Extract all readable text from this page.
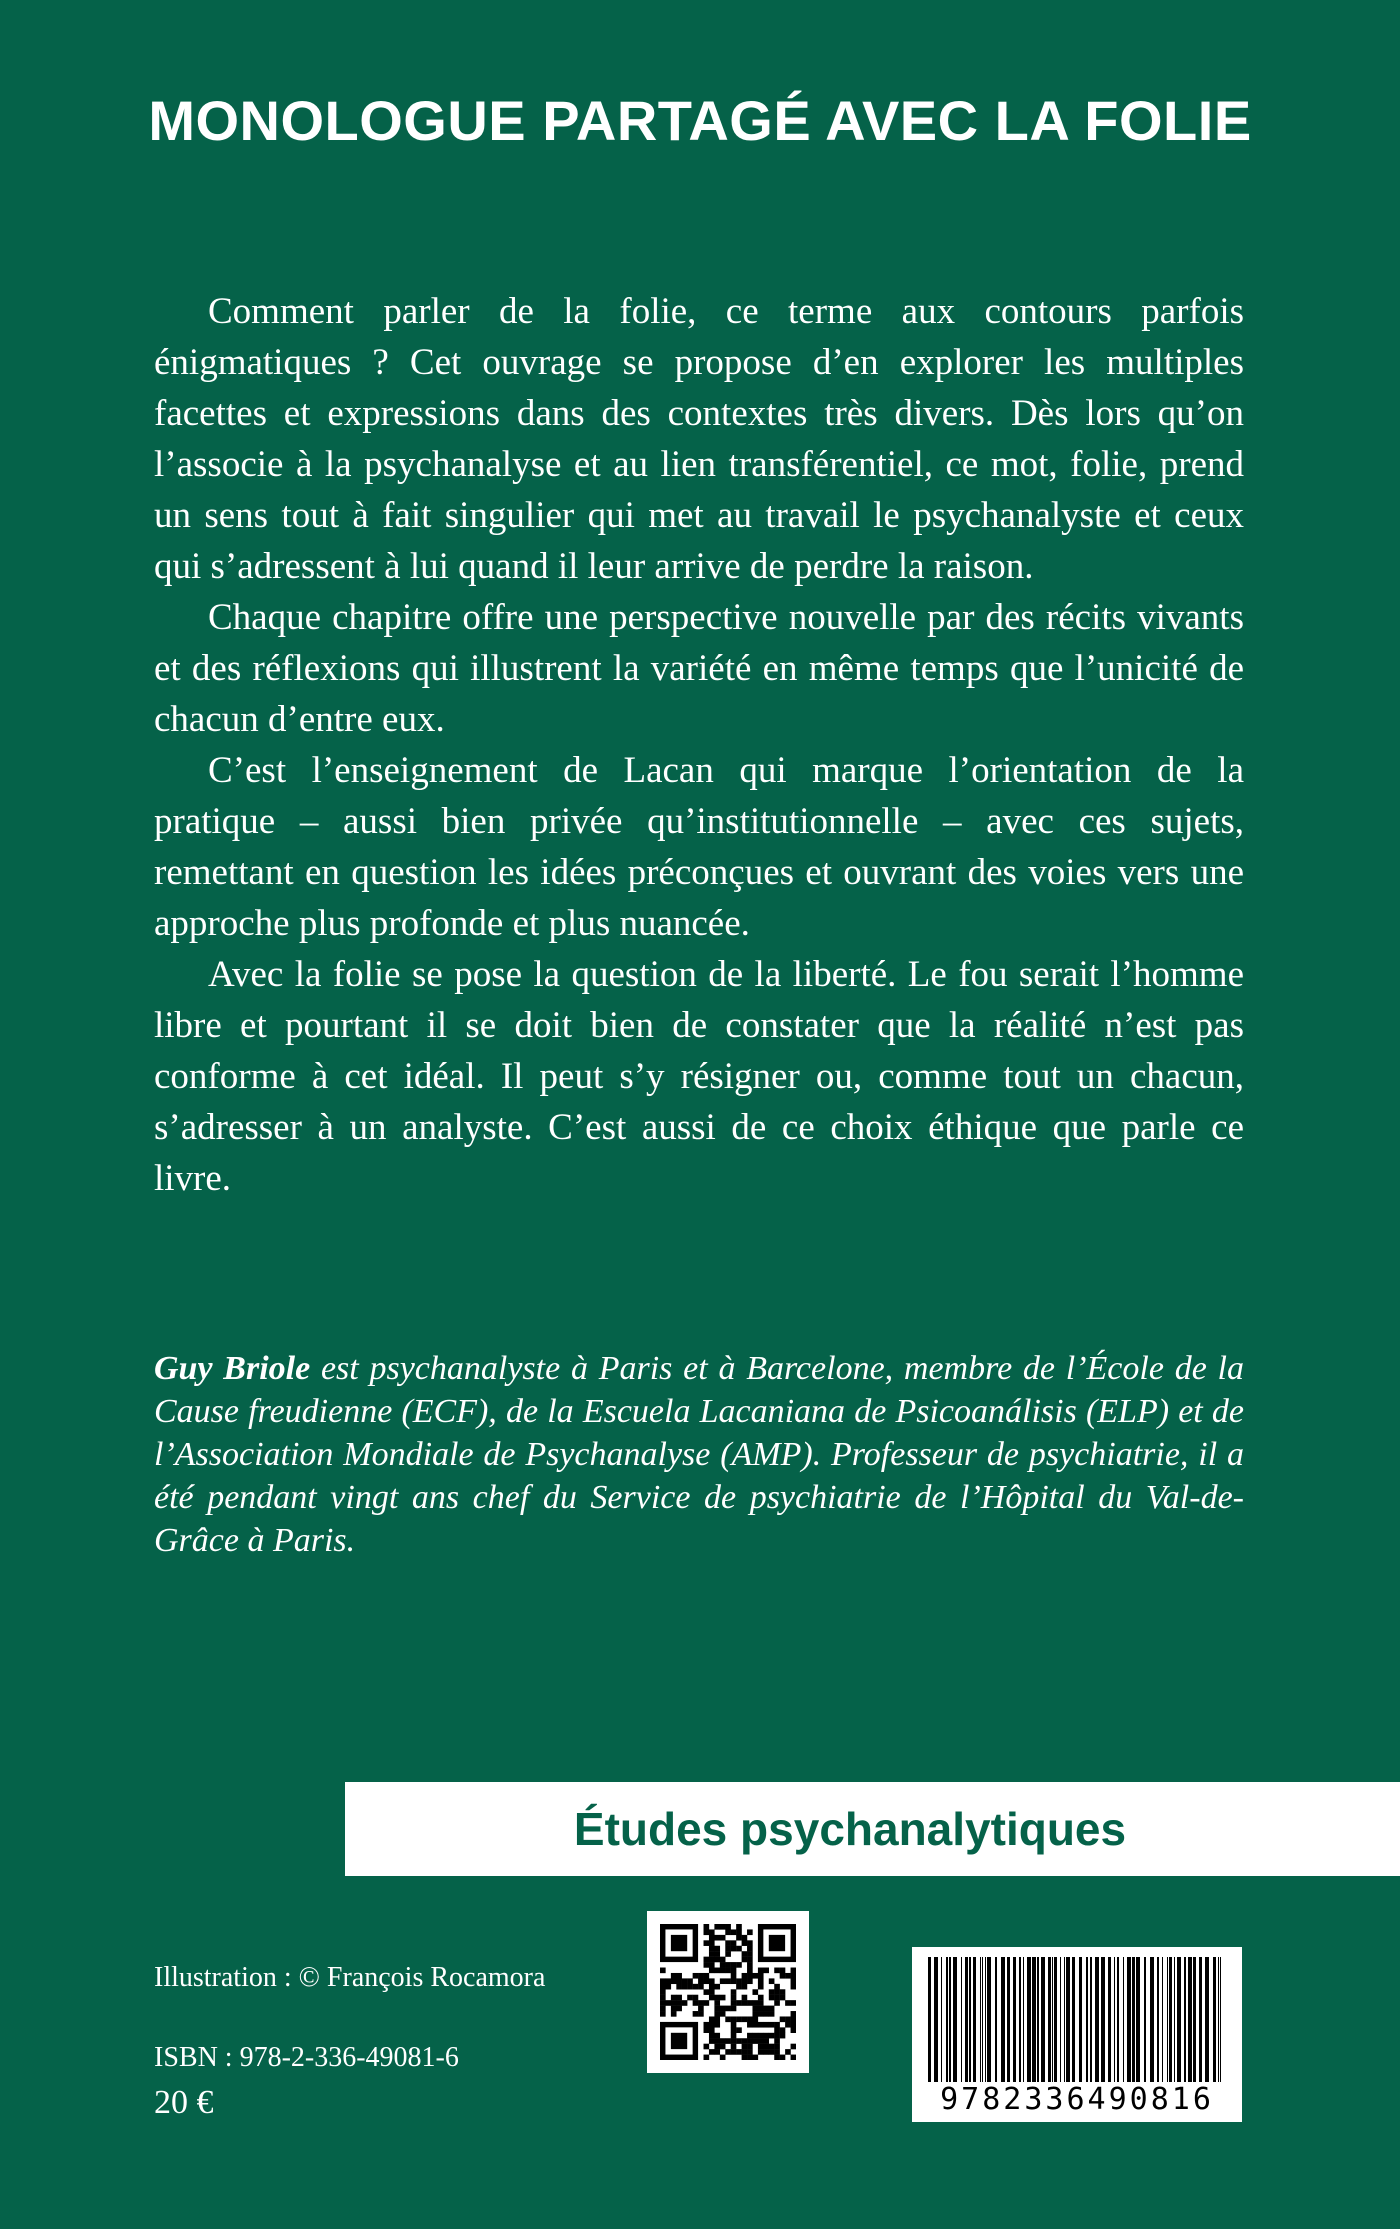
MONOLOGUE PARTAGÉ AVEC LA FOLIE

Comment parler de la folie, ce terme aux contours parfois énigmatiques ? Cet ouvrage se propose d’en explorer les multiples facettes et expressions dans des contextes très divers. Dès lors qu’on l’associe à la psychanalyse et au lien transférentiel, ce mot, folie, prend un sens tout à fait singulier qui met au travail le psychanalyste et ceux qui s’adressent à lui quand il leur arrive de perdre la raison.

Chaque chapitre offre une perspective nouvelle par des récits vivants et des réflexions qui illustrent la variété en même temps que l’unicité de chacun d’entre eux.

C’est l’enseignement de Lacan qui marque l’orientation de la pratique – aussi bien privée qu’institutionnelle – avec ces sujets, remettant en question les idées préconçues et ouvrant des voies vers une approche plus profonde et plus nuancée.

Avec la folie se pose la question de la liberté. Le fou serait l’homme libre et pourtant il se doit bien de constater que la réalité n’est pas conforme à cet idéal. Il peut s’y résigner ou, comme tout un chacun, s’adresser à un analyste. C’est aussi de ce choix éthique que parle ce livre.

Guy Briole est psychanalyste à Paris et à Barcelone, membre de l’École de la Cause freudienne (ECF), de la Escuela Lacaniana de Psicoanálisis (ELP) et de l’Association Mondiale de Psychanalyse (AMP). Professeur de psychiatrie, il a été pendant vingt ans chef du Service de psychiatrie de l’Hôpital du Val-de-Grâce à Paris.
Études psychanalytiques
Illustration : © François Rocamora
ISBN : 978-2-336-49081-6
20 €	9782336490816
